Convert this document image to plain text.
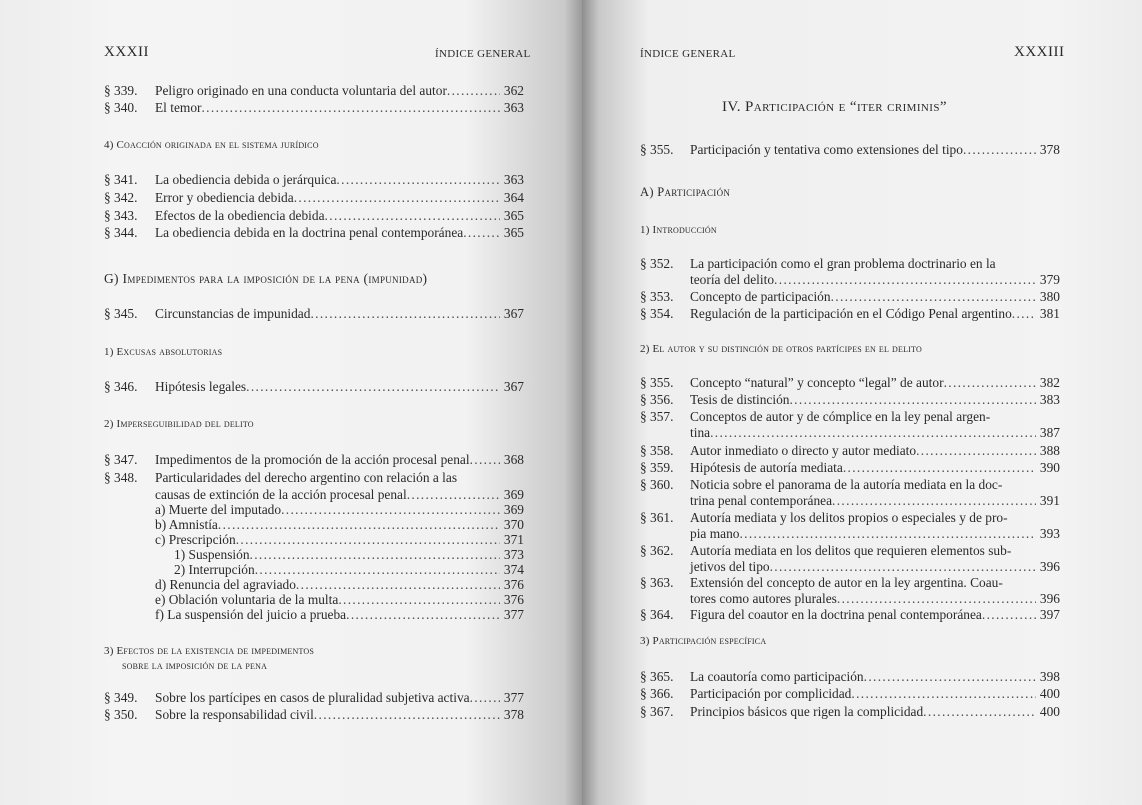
XXXII	ÍNDICE GENERAL
§ 339. Peligro originado en una conducta voluntaria del autor . . .	362
§ 340. El temor . . .	363
4) Coacción originada en el sistema jurídico
§ 341. La obediencia debida o jerárquica . . .	363
§ 342. Error y obediencia debida . . .	364
§ 343. Efectos de la obediencia debida . . .	365
§ 344. La obediencia debida en la doctrina penal contemporánea . . .	365
G) Impedimentos para la imposición de la pena (impunidad)
§ 345. Circunstancias de impunidad . . .	367
1) Excusas absolutorias
§ 346. Hipótesis legales . . .	367
2) Imperseguibilidad del delito
§ 347. Impedimentos de la promoción de la acción procesal penal . . .	368
§ 348. Particularidades del derecho argentino con relación a las
causas de extinción de la acción procesal penal . . .	369
a) Muerte del imputado . . .	369
b) Amnistía . . .	370
c) Prescripción . . .	371
1) Suspensión . . .	373
2) Interrupción . . .	374
d) Renuncia del agraviado . . .	376
e) Oblación voluntaria de la multa . . .	376
f) La suspensión del juicio a prueba . . .	377
3) Efectos de la existencia de impedimentos
sobre la imposición de la pena
§ 349. Sobre los partícipes en casos de pluralidad subjetiva activa . . .	377
§ 350. Sobre la responsabilidad civil . . .	378
ÍNDICE GENERAL	XXXIII
IV. Participación e “iter criminis”
§ 355. Participación y tentativa como extensiones del tipo . . .	378
A) Participación
1) Introducción
§ 352. La participación como el gran problema doctrinario en la
teoría del delito . . .	379
§ 353. Concepto de participación . . .	380
§ 354. Regulación de la participación en el Código Penal argentino . . . 381
2) El autor y su distinción de otros partícipes en el delito
§ 355. Concepto “natural” y concepto “legal” de autor . . .	382
§ 356. Tesis de distinción . . .	383
§ 357. Conceptos de autor y de cómplice en la ley penal argen-
tina . . .	387
§ 358. Autor inmediato o directo y autor mediato . . .	388
§ 359. Hipótesis de autoría mediata . . .	390
§ 360. Noticia sobre el panorama de la autoría mediata en la doc-
trina penal contemporánea . . .	391
§ 361. Autoría mediata y los delitos propios o especiales y de pro-
pia mano . . .	393
§ 362. Autoría mediata en los delitos que requieren elementos sub-
jetivos del tipo . . .	396
§ 363. Extensión del concepto de autor en la ley argentina. Coau-
tores como autores plurales . . .	396
§ 364. Figura del coautor en la doctrina penal contemporánea . . .	397
3) Participación específica
§ 365. La coautoría como participación . . .	398
§ 366. Participación por complicidad . . .	400
§ 367. Principios básicos que rigen la complicidad . . .	400
